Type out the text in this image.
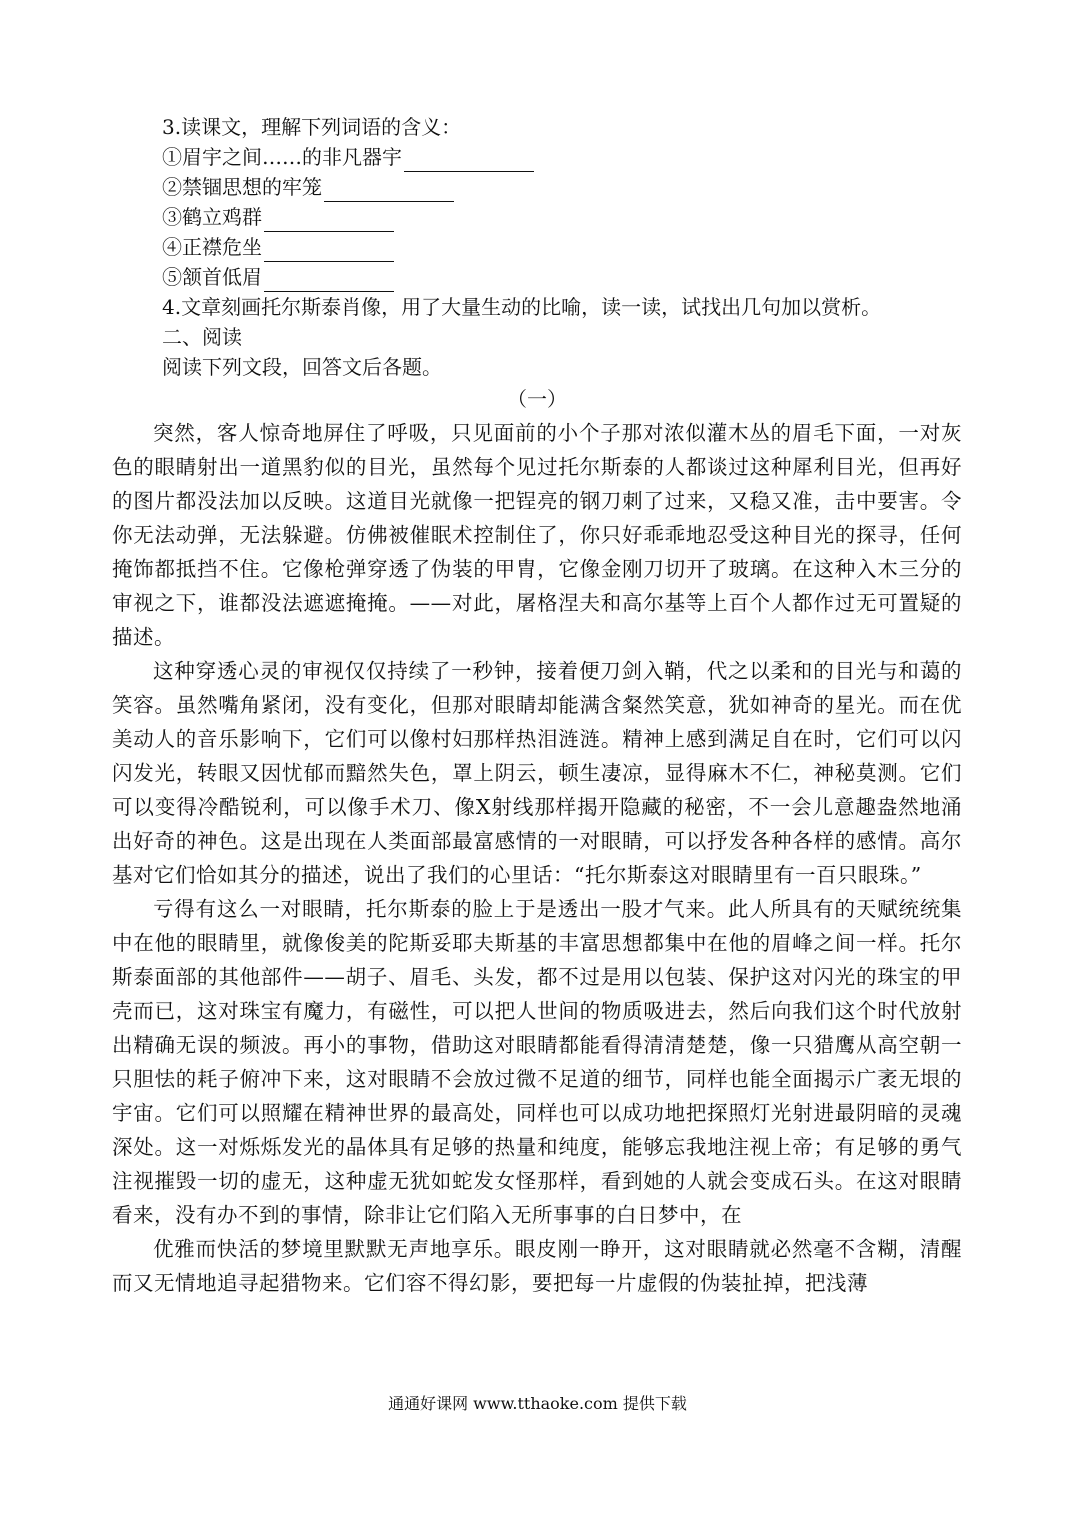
3.读课文，理解下列词语的含义：
①眉宇之间……的非凡器宇
②禁锢思想的牢笼
③鹤立鸡群
④正襟危坐
⑤颔首低眉
4.文章刻画托尔斯泰肖像，用了大量生动的比喻，读一读，试找出几句加以赏析。
二、阅读
阅读下列文段，回答文后各题。
（一）

突然，客人惊奇地屏住了呼吸，只见面前的小个子那对浓似灌木丛的眉毛下面，一对灰色的眼睛射出一道黑豹似的目光，虽然每个见过托尔斯泰的人都谈过这种犀利目光，但再好的图片都没法加以反映。这道目光就像一把锃亮的钢刀刺了过来，又稳又准，击中要害。令你无法动弹，无法躲避。仿佛被催眠术控制住了，你只好乖乖地忍受这种目光的探寻，任何掩饰都抵挡不住。它像枪弹穿透了伪装的甲胄，它像金刚刀切开了玻璃。在这种入木三分的审视之下，谁都没法遮遮掩掩。——对此，屠格涅夫和高尔基等上百个人都作过无可置疑的描述。

这种穿透心灵的审视仅仅持续了一秒钟，接着便刀剑入鞘，代之以柔和的目光与和蔼的笑容。虽然嘴角紧闭，没有变化，但那对眼睛却能满含粲然笑意，犹如神奇的星光。而在优美动人的音乐影响下，它们可以像村妇那样热泪涟涟。精神上感到满足自在时，它们可以闪闪发光，转眼又因忧郁而黯然失色，罩上阴云，顿生凄凉，显得麻木不仁，神秘莫测。它们可以变得冷酷锐利，可以像手术刀、像X射线那样揭开隐藏的秘密，不一会儿意趣盎然地涌出好奇的神色。这是出现在人类面部最富感情的一对眼睛，可以抒发各种各样的感情。高尔基对它们恰如其分的描述，说出了我们的心里话：“托尔斯泰这对眼睛里有一百只眼珠。”

亏得有这么一对眼睛，托尔斯泰的脸上于是透出一股才气来。此人所具有的天赋统统集中在他的眼睛里，就像俊美的陀斯妥耶夫斯基的丰富思想都集中在他的眉峰之间一样。托尔斯泰面部的其他部件——胡子、眉毛、头发，都不过是用以包装、保护这对闪光的珠宝的甲壳而已，这对珠宝有魔力，有磁性，可以把人世间的物质吸进去，然后向我们这个时代放射出精确无误的频波。再小的事物，借助这对眼睛都能看得清清楚楚，像一只猎鹰从高空朝一只胆怯的耗子俯冲下来，这对眼睛不会放过微不足道的细节，同样也能全面揭示广袤无垠的宇宙。它们可以照耀在精神世界的最高处，同样也可以成功地把探照灯光射进最阴暗的灵魂深处。这一对烁烁发光的晶体具有足够的热量和纯度，能够忘我地注视上帝；有足够的勇气注视摧毁一切的虚无，这种虚无犹如蛇发女怪那样，看到她的人就会变成石头。在这对眼睛看来，没有办不到的事情，除非让它们陷入无所事事的白日梦中，在

优雅而快活的梦境里默默无声地享乐。眼皮刚一睁开，这对眼睛就必然毫不含糊，清醒而又无情地追寻起猎物来。它们容不得幻影，要把每一片虚假的伪装扯掉，把浅薄

通通好课网 www.tthaoke.com 提供下载
